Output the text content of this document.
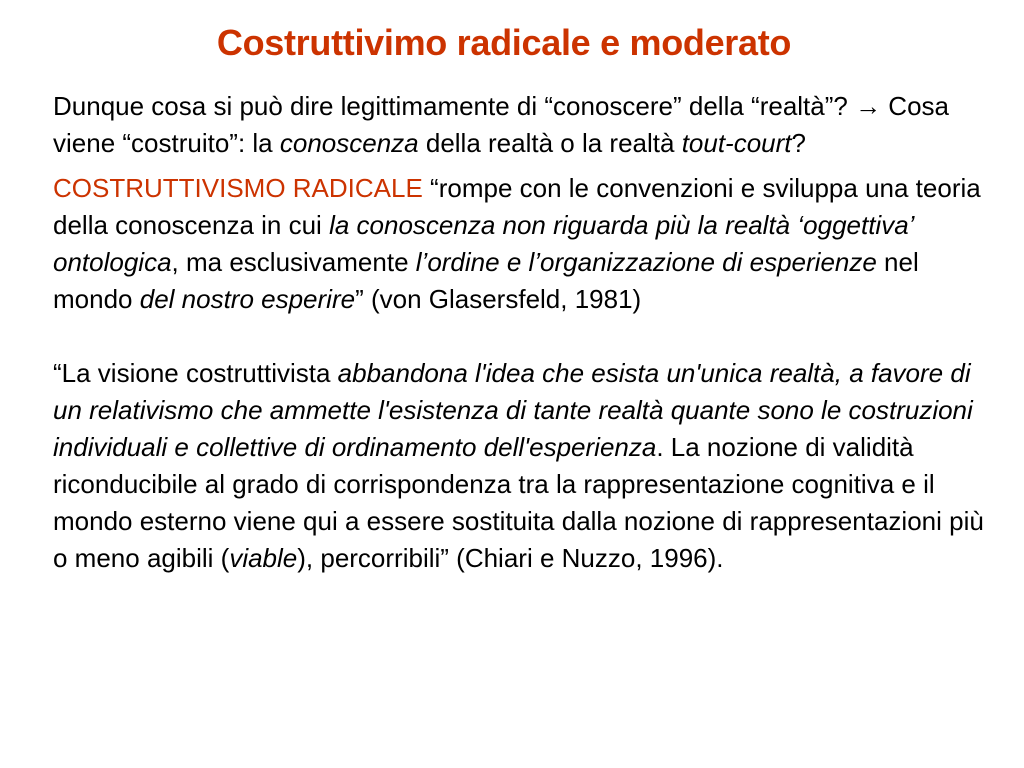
Costruttivimo radicale e moderato

Dunque cosa si può dire legittimamente di “conoscere” della “realtà”? → Cosa viene “costruito”: la conoscenza della realtà o la realtà tout-court?

COSTRUTTIVISMO RADICALE “rompe con le convenzioni e sviluppa una teoria della conoscenza in cui la conoscenza non riguarda più la realtà ‘oggettiva’ ontologica, ma esclusivamente l’ordine e l’organizzazione di esperienze nel mondo del nostro esperire” (von Glasersfeld, 1981)

“La visione costruttivista abbandona l'idea che esista un'unica realtà, a favore di un relativismo che ammette l'esistenza di tante realtà quante sono le costruzioni individuali e collettive di ordinamento dell'esperienza. La nozione di validità riconducibile al grado di corrispondenza tra la rappresentazione cognitiva e il mondo esterno viene qui a essere sostituita dalla nozione di rappresentazioni più o meno agibili (viable), percorribili” (Chiari e Nuzzo, 1996).
